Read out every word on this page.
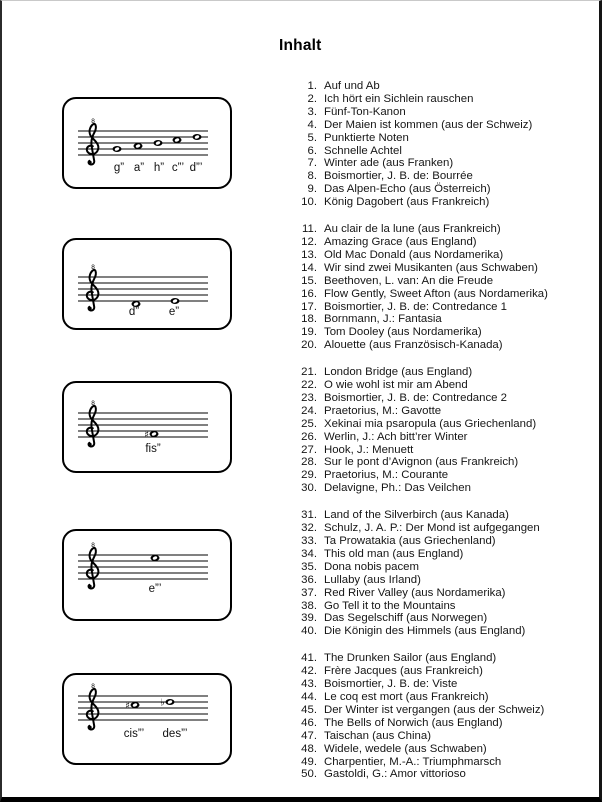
Inhalt
8
g” a” h” c”’ d”’
8
d”	e”
8
♯
fis”
8
e”’
8
♯
cis”’
♭
des”’
1. Auf und Ab
2. Ich hört ein Sichlein rauschen
3. Fünf-Ton-Kanon
4. Der Maien ist kommen (aus der Schweiz)
5. Punktierte Noten
6. Schnelle Achtel
7. Winter ade (aus Franken)
8. Boismortier, J. B. de: Bourrée
9. Das Alpen-Echo (aus Österreich)
10. König Dagobert (aus Frankreich)
11. Au clair de la lune (aus Frankreich)
12. Amazing Grace (aus England)
13. Old Mac Donald (aus Nordamerika)
14. Wir sind zwei Musikanten (aus Schwaben)
15. Beethoven, L. van: An die Freude
16. Flow Gently, Sweet Afton (aus Nordamerika)
17. Boismortier, J. B. de: Contredance 1
18. Bornmann, J.: Fantasia
19. Tom Dooley (aus Nordamerika)
20. Alouette (aus Französisch-Kanada)
21. London Bridge (aus England)
22. O wie wohl ist mir am Abend
23. Boismortier, J. B. de: Contredance 2
24. Praetorius, M.: Gavotte
25. Xekinai mia psaropula (aus Griechenland)
26. Werlin, J.: Ach bitt’rer Winter
27. Hook, J.: Menuett
28. Sur le pont d’Avignon (aus Frankreich)
29. Praetorius, M.: Courante
30. Delavigne, Ph.: Das Veilchen
31. Land of the Silverbirch (aus Kanada)
32. Schulz, J. A. P.: Der Mond ist aufgegangen
33. Ta Prowatakia (aus Griechenland)
34. This old man (aus England)
35. Dona nobis pacem
36. Lullaby (aus Irland)
37. Red River Valley (aus Nordamerika)
38. Go Tell it to the Mountains
39. Das Segelschiff (aus Norwegen)
40. Die Königin des Himmels (aus England)
41. The Drunken Sailor (aus England)
42. Frère Jacques (aus Frankreich)
43. Boismortier, J. B. de: Viste
44. Le coq est mort (aus Frankreich)
45. Der Winter ist vergangen (aus der Schweiz)
46. The Bells of Norwich (aus England)
47. Taischan (aus China)
48. Widele, wedele (aus Schwaben)
49. Charpentier, M.-A.: Triumphmarsch
50. Gastoldi, G.: Amor vittorioso
